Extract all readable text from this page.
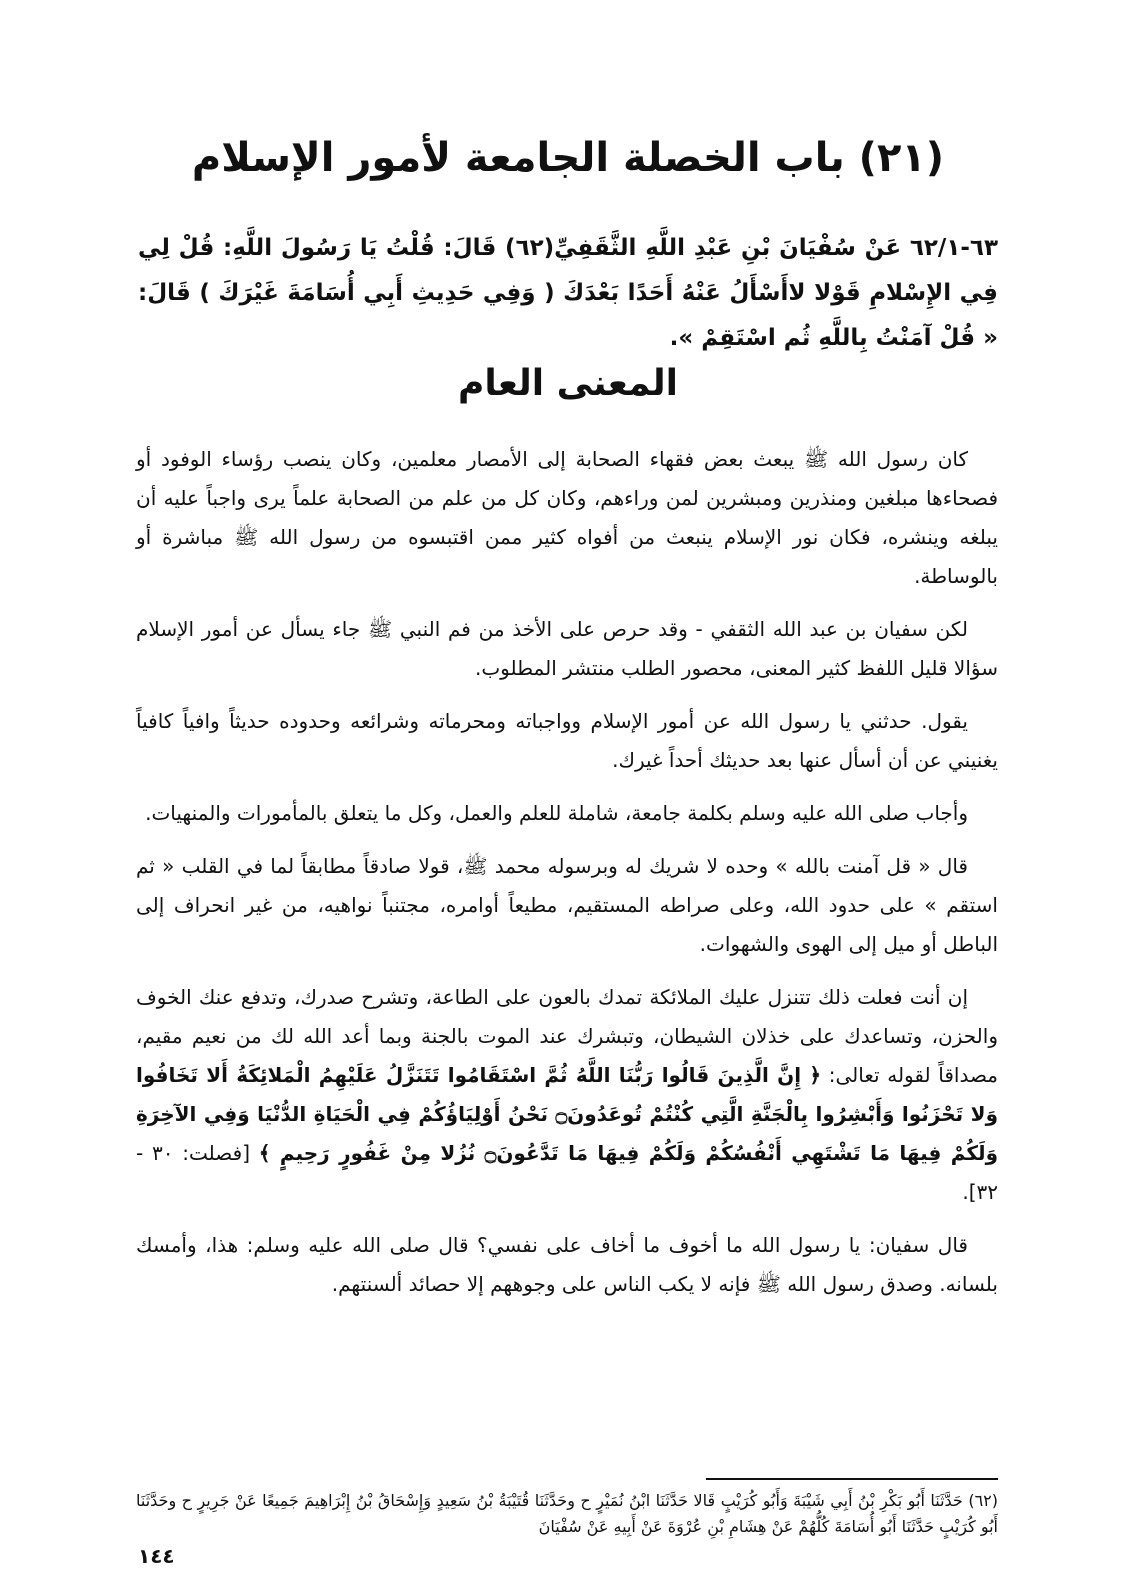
(٢١) باب الخصلة الجامعة لأمور الإسلام

٦٣-٦٢/١ عَنْ سُفْيَانَ بْنِ عَبْدِ اللَّهِ الثَّقَفِيِّ(٦٢) قَالَ: قُلْتُ يَا رَسُولَ اللَّهِ: قُلْ لِي فِي الإِسْلامِ قَوْلا لاأَسْأَلُ عَنْهُ أَحَدًا بَعْدَكَ ( وَفِي حَدِيثِ أَبِي أُسَامَةَ غَيْرَكَ ) قَالَ: « قُلْ آمَنْتُ بِاللَّهِ ثُم اسْتَقِمْ ».

المعنى العام

كان رسول الله ﷺ يبعث بعض فقهاء الصحابة إلى الأمصار معلمين، وكان ينصب رؤساء الوفود أو فصحاءها مبلغين ومنذرين ومبشرين لمن وراءهم، وكان كل من علم من الصحابة علماً يرى واجباً عليه أن يبلغه وينشره، فكان نور الإسلام ينبعث من أفواه كثير ممن اقتبسوه من رسول الله ﷺ مباشرة أو بالوساطة.

لكن سفيان بن عبد الله الثقفي - وقد حرص على الأخذ من فم النبي ﷺ جاء يسأل عن أمور الإسلام سؤالا قليل اللفظ كثير المعنى، محصور الطلب منتشر المطلوب.

يقول. حدثني يا رسول الله عن أمور الإسلام وواجباته ومحرماته وشرائعه وحدوده حديثاً وافياً كافياً يغنيني عن أن أسأل عنها بعد حديثك أحداً غيرك.

وأجاب صلى الله عليه وسلم بكلمة جامعة، شاملة للعلم والعمل، وكل ما يتعلق بالمأمورات والمنهيات.

قال « قل آمنت بالله » وحده لا شريك له وبرسوله محمد ﷺ، قولا صادقاً مطابقاً لما في القلب « ثم استقم » على حدود الله، وعلى صراطه المستقيم، مطيعاً أوامره، مجتنباً نواهيه، من غير انحراف إلى الباطل أو ميل إلى الهوى والشهوات.

إن أنت فعلت ذلك تتنزل عليك الملائكة تمدك بالعون على الطاعة، وتشرح صدرك، وتدفع عنك الخوف والحزن، وتساعدك على خذلان الشيطان، وتبشرك عند الموت بالجنة وبما أعد الله لك من نعيم مقيم، مصداقاً لقوله تعالى: ﴿ إِنَّ الَّذِينَ قَالُوا رَبُّنَا اللَّهُ ثُمَّ اسْتَقَامُوا تَتَنَزَّلُ عَلَيْهِمُ الْمَلائِكَةُ أَلا تَخَافُوا وَلا تَحْزَنُوا وَأَبْشِرُوا بِالْجَنَّةِ الَّتِي كُنْتُمْ تُوعَدُونَ۝ نَحْنُ أَوْلِيَاؤُكُمْ فِي الْحَيَاةِ الدُّنْيَا وَفِي الآخِرَةِ وَلَكُمْ فِيهَا مَا تَشْتَهِي أَنْفُسُكُمْ وَلَكُمْ فِيهَا مَا تَدَّعُونَ۝ نُزُلا مِنْ غَفُورٍ رَحِيمٍ ﴾ [فصلت: ٣٠ - ٣٢].

قال سفيان: يا رسول الله ما أخوف ما أخاف على نفسي؟ قال صلى الله عليه وسلم: هذا، وأمسك بلسانه. وصدق رسول الله ﷺ فإنه لا يكب الناس على وجوههم إلا حصائد ألسنتهم.

(٦٢) حَدَّثَنَا أَبُو بَكْرِ بْنُ أَبِي شَيْبَةَ وَأَبُو كُرَيْبٍ قَالا حَدَّثَنَا ابْنُ نُمَيْرٍ ح وحَدَّثَنَا قُتَيْبَةُ بْنُ سَعِيدٍ وَإِسْحَاقُ بْنُ إِبْرَاهِيمَ جَمِيعًا عَنْ جَرِيرٍ ح وحَدَّثَنَا أَبُو كُرَيْبٍ حَدَّثَنَا أَبُو أُسَامَةَ كُلُّهُمْ عَنْ هِشَامِ بْنِ عُرْوَةَ عَنْ أَبِيهِ عَنْ سُفْيَانَ

١٤٤
